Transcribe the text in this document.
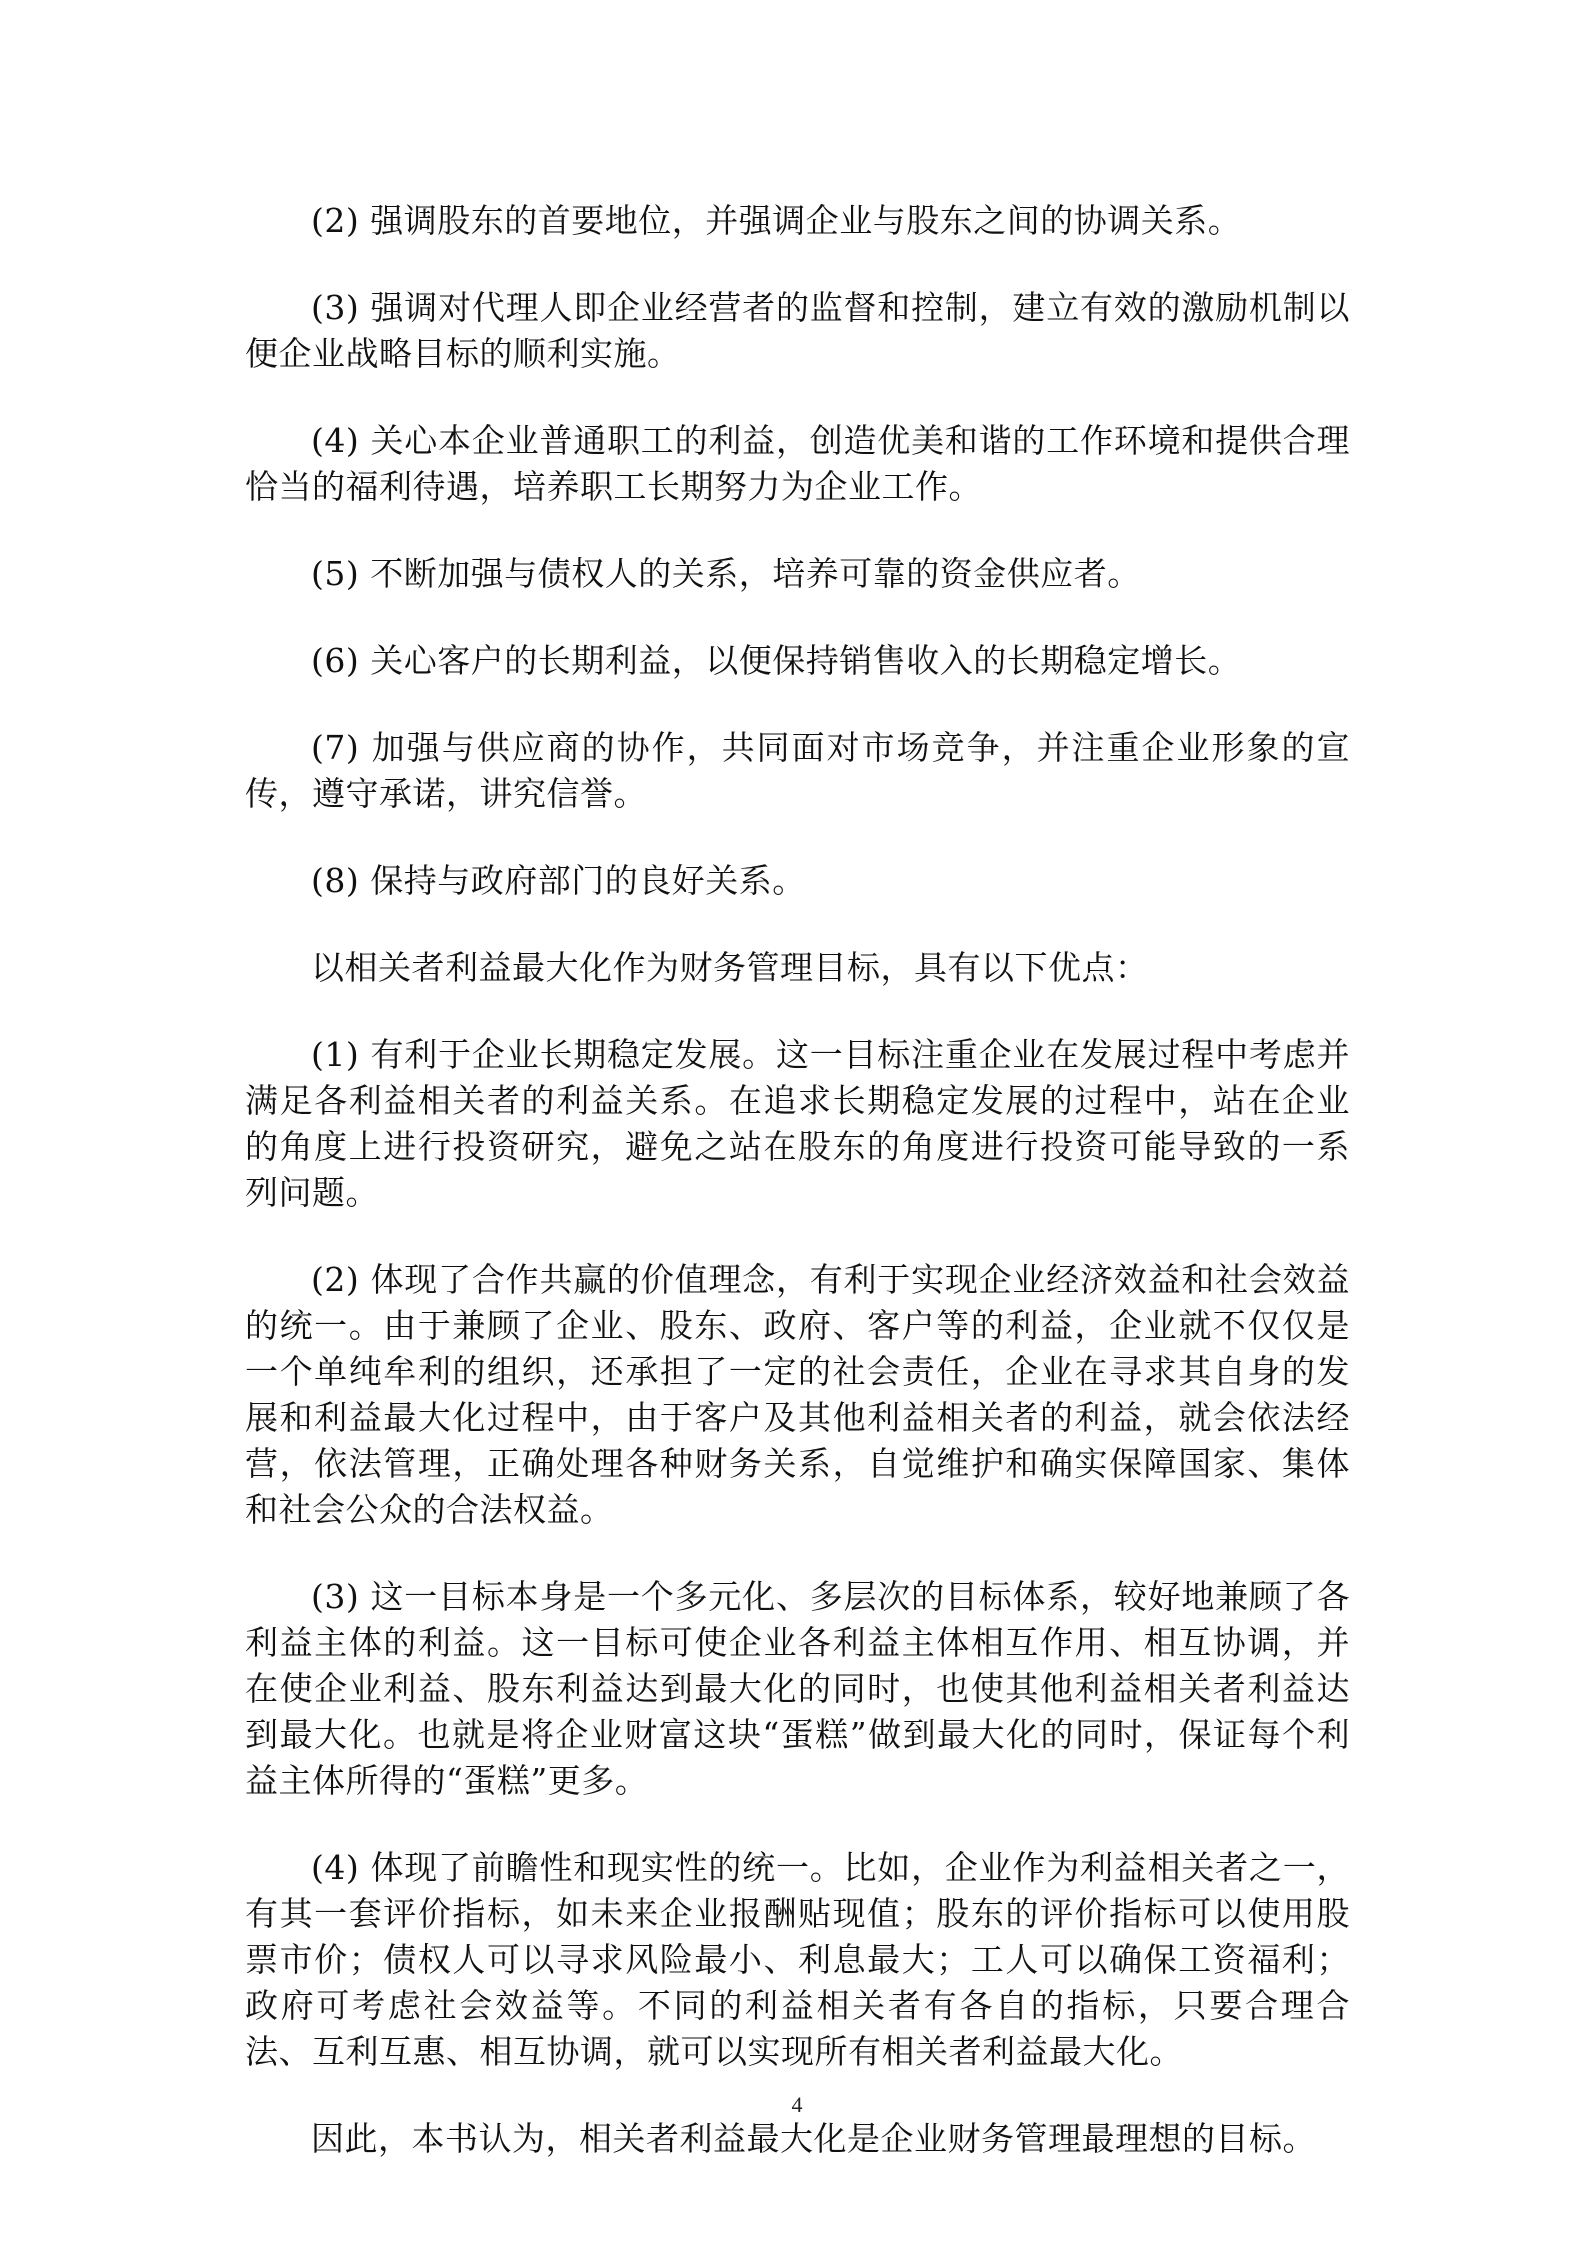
(2) 强调股东的首要地位，并强调企业与股东之间的协调关系。

(3) 强调对代理人即企业经营者的监督和控制，建立有效的激励机制以便企业战略目标的顺利实施。

(4) 关心本企业普通职工的利益，创造优美和谐的工作环境和提供合理恰当的福利待遇，培养职工长期努力为企业工作。

(5) 不断加强与债权人的关系，培养可靠的资金供应者。

(6) 关心客户的长期利益，以便保持销售收入的长期稳定增长。

(7) 加强与供应商的协作，共同面对市场竞争，并注重企业形象的宣传，遵守承诺，讲究信誉。

(8) 保持与政府部门的良好关系。

以相关者利益最大化作为财务管理目标，具有以下优点：

(1) 有利于企业长期稳定发展。这一目标注重企业在发展过程中考虑并满足各利益相关者的利益关系。在追求长期稳定发展的过程中，站在企业的角度上进行投资研究，避免之站在股东的角度进行投资可能导致的一系列问题。

(2) 体现了合作共赢的价值理念，有利于实现企业经济效益和社会效益的统一。由于兼顾了企业、股东、政府、客户等的利益，企业就不仅仅是一个单纯牟利的组织，还承担了一定的社会责任，企业在寻求其自身的发展和利益最大化过程中，由于客户及其他利益相关者的利益，就会依法经营，依法管理，正确处理各种财务关系，自觉维护和确实保障国家、集体和社会公众的合法权益。

(3) 这一目标本身是一个多元化、多层次的目标体系，较好地兼顾了各利益主体的利益。这一目标可使企业各利益主体相互作用、相互协调，并在使企业利益、股东利益达到最大化的同时，也使其他利益相关者利益达到最大化。也就是将企业财富这块“蛋糕”做到最大化的同时，保证每个利益主体所得的“蛋糕”更多。

(4) 体现了前瞻性和现实性的统一。比如，企业作为利益相关者之一，有其一套评价指标，如未来企业报酬贴现值；股东的评价指标可以使用股票市价；债权人可以寻求风险最小、利息最大；工人可以确保工资福利；政府可考虑社会效益等。不同的利益相关者有各自的指标，只要合理合法、互利互惠、相互协调，就可以实现所有相关者利益最大化。

因此，本书认为，相关者利益最大化是企业财务管理最理想的目标。

4
